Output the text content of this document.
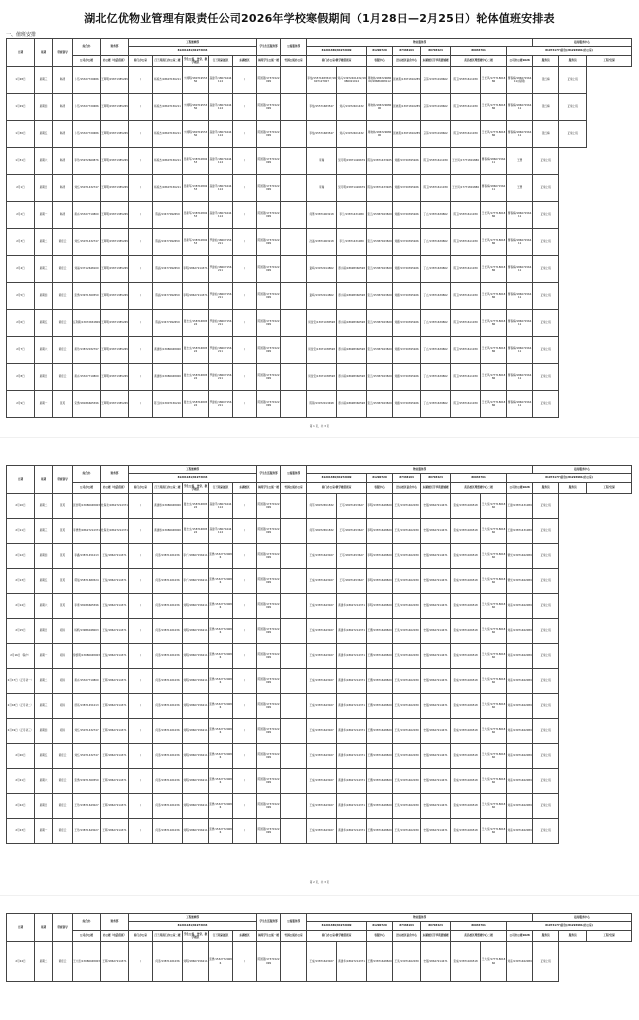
湖北亿优物业管理有限责任公司2026年学校寒假期间（1月28日—2月25日）轮体值班安排表
一、值班安排
日期	星期	带班领导	综合办	财务部	工程维修部					学生生活服务部	公寓服务部	物业服务部								接待服务中心		
					81291181/81973944							81291389/81972009		81290720	87348194	86703424	86034791		81974177(前台)/81293981(办公室)			
			公司办公楼	办公楼（电话值班）	桥门办公室	汀兰苑南门办公室二楼	学生公寓、食堂、教学楼区	汀兰苑家属区	东湖校区	枫苑学生公寓一楼	竹园公寓办公室	桥门办公室/教学楼值班室		客服中心	洪山校区宿舍中心	东湖校区芳华苑道辅楼	武昌校区理想楼中心二楼		公司办公楼1028	服务员	服务员	工程/安保
1月28日	星期三	韩清	卜珏/15327720686	王辉明/15871385265	/	杨栋杰/18607156211	卞湘明/18071955356	高建平/18071644114	/	陈国银/17371522099		李灿/15571683547/18607127007	刘兴/13972401432/18986021014	周晓林/18672968000/18686008112	张晓燕/13971810285	章萍/13971018602	陈卫/15871611039	王长风/17771801886	曹春梅/18607156411/(程明)	张红梅	正常上班	
1月29日	星期四	韩清	卜珏/15327720686	王辉明/15871385265	/	杨栋杰/18607156211	卞湘明/18071955356	高建平/18071644114	/	陈国银/17371522099		李灿/15571683547	刘兴/13972401432	周晓林/18672968000	张晓燕/13971810285	章萍/13971018602	陈卫/15871611039	王长风/17771801886	曹春梅/18607156411	张红梅	正常上班	
1月30日	星期五	韩清	卜珏/15327720686	王辉明/15871385265	/	杨栋杰/18607156211	卞湘明/18071955356	高建平/18071644114	/	陈国银/17371522099		李灿/15571683547	刘兴/13972401432	周晓林/18672968000	张晓燕/13971810285	章萍/13971018602	陈卫/15871611039	王长风/17771801886	曹春梅/18607156411	张红梅	正常上班	
1月31日	星期六	韩清	李玲/15972669876	王辉明/15871385265	/	杨栋杰/18607156211	吴新军/13871089253	高建平/18071644114	/	陈国银/17371522099		李瑞	吴月明/15871426679	陈泊/13871433925	刘媛/13720395926	陈卫/15871611039	王长风/17771801886	曹春梅/18607156411	王慧	正常上班		
2月1日	星期日	韩清	刘红/15071432747	王辉明/15871385265	/	杨栋杰/18607156211	吴新军/13871089253	高建平/18071644114	/	陈国银/17371522099		李瑞	吴月明/15871426679	陈泊/13871433925	刘媛/13720395926	陈卫/15871611039	王长风/17771801886	曹春梅/18607156411	王慧	正常上班		
2月2日	星期一	韩清	黄卉/15327719800	王辉明/15871385265	/	陈涵/13477092659	吴新军/13871089253	高建平/18071644114	/	陈国银/17371522099		何菁/13871063218	李兰/13871431089	张云/15387043829	刘媛/13720395926	丁立/13871639802	陈卫/15871611039	王长风/17771801886	曹春梅/18607156411	正常上班		
2月3日	星期二	黄佳云	刘红/15071432747	王辉明/15871385265	/	陈涵/13477092659	吴新军/13871089253	罗建松/18607156211	/	陈国银/17371522099		沈盖/13871063218	李兰/13871431089	张云/15387043829	刘媛/13720395926	丁立/13871639802	陈卫/15871611039	王长风/17771801886	曹春梅/18607156411	正常上班		
2月4日	星期三	黄佳云	刘丽/13712648100	王辉明/15871385265	/	陈涵/13477092659	李明/18627214371	罗建松/18607156211	/	陈国银/17371522099		童鸣/13972014802	谭小娟/18698360598	张云/15387043829	刘媛/13720395926	丁立/13871639802	陈卫/15871611039	王长风/17771801886	曹春梅/18607156411	正常上班		
2月5日	星期四	黄佳云	张勇/13971360550	王辉明/15871385265	/	陈涵/13477092659	李明/18627214371	罗建松/18607156211	/	陈国银/17371522099		童鸣/13972014802	谭小娟/18698360598	张云/15387043829	刘媛/13720395926	丁立/13871639802	陈卫/15871611039	王长风/17771801886	曹春梅/18607156411	正常上班		
2月6日	星期五	黄佳云	汪利鹃/13972654809	王辉明/15871385265	/	陈涵/13477092659	夏志文/15871680524	罗建松/18607156211	/	陈国银/17371522099		何金安/13971038598	谭小娟/18698360598	张云/15387043829	刘媛/13720395926	丁立/13871639802	陈卫/15871611039	王长风/17771801886	曹春梅/18607156411	正常上班		
2月7日	星期六	黄佳云	黄玲/13872032797	王辉明/15871385265	/	黄建球/13986048000	夏志文/15871680524	罗建松/18607156211	/	陈国银/17371522099		何金安/13971038598	谭小娟/18698360598	张云/15387043829	刘媛/13720395926	丁立/13871639802	陈卫/15871611039	王长风/17771801886	曹春梅/18607156411	正常上班		
2月8日	星期日	黄佳云	黄卉/15327719800	王辉明/15871385265	/	黄建球/13986048000	夏志文/15871680524	罗建松/18607156211	/	陈国银/17371522099		何金安/13971038598	谭小娟/18698360598	张云/15387043829	刘媛/13720395926	丁立/13871639802	陈卫/15871611039	王长风/17771801886	曹春梅/18607156411	正常上班		
2月9日	星期一	张英	宋勇/18186665596	王辉明/15871385265	/	陈玉林/13907156216	夏志文/15871680524	罗建松/18607156211	/	陈国银/17371522099		陈锦/13972013498	谭小娟/18698360598	张云/15387043829	刘媛/13720395926	丁立/13871639802	陈卫/15871611039	王长风/17771801886	曹春梅/18607156411	正常上班		
第 1 页，共 3 页
日期	星期	带班领导	综合办	财务部	工程维修部					学生生活服务部	公寓服务部	物业服务部								接待服务中心		
					81291181/81973944							81291389/81972009		81290720	87348194	86703424	86034791		81974177(前台)/81293981(办公室)			
			公司办公楼	办公楼（电话值班）	桥门办公室	汀兰苑南门办公室二楼	学生公寓、食堂、教学楼区	汀兰苑家属区	东湖校区	枫苑学生公寓一楼	竹园公寓办公室	桥门办公室/教学楼值班室		客服中心	洪山校区宿舍中心	东湖校区芳华苑道辅楼	武昌校区理想楼中心二楼		公司办公楼1028	服务员	服务员	工程/安保
2月10日	星期二	张英	张世明/13986048003	杜海龙/18627214371	/	黄建球/13986048000	夏志文/15871680524	高建平/18071644114	/	陈国银/17371522099		何芳/18972651832	王可/18971453627	李明/13871648829	王灵/13971462039	史强/18627214471	张成/13871026518	王大宽/17771801860	王建/13871431089	正常上班		
2月11日	星期三	张英	李勇勇/18627214371	杜海龙/18627214371	/	黄建球/13986048000	夏志文/15871680524	高建平/18071644114	/	陈国银/17371522099		何芳/18972651832	王可/18971453627	李明/13871648829	王灵/13971462039	史强/18627214471	张成/13871026518	王大宽/17771801860	王建/13871431089	正常上班		
2月12日	星期四	张英	李鑫/13871451013	王俊/18627214371	/	何涛/13871021036	李广/18607156211	张勇/15327720686	/	陈国银/17371522099		王成/13871643027	王可/18971453627	李明/13871648829	王灵/13971462039	史强/18627214471	张成/13871026518	王大宽/17771801860	曹光/13971462089	正常上班		
2月13日	星期五	张英	郭瑶/15871680524	王俊/18627214371	/	何涛/13871021036	李广/18607156211	张勇/15327720686	/	陈国银/17371522099		王成/13871643027	王可/18971453627	李明/13871648829	王灵/13971462039	史强/18627214471	张成/13871026518	王大宽/17771801860	曹光/13971462089	正常上班		
2月14日	星期六	张英	李青/18186665596	王俊/18627214371	/	何涛/13871021036	刘明/18607156211	张勇/15327720686	/	陈国银/17371522099		王成/13871643027	黄建华/18627214371	李明/13871648829	王灵/13971462039	史强/18627214471	张成/13871026518	王大宽/17771801860	刘彦/13971462089	正常上班		
2月15日	星期日	胡远	杨帆/13986048003	王俊/18627214371	/	何涛/13871021036	刘明/18607156211	张勇/15327720686	/	陈国银/17371522099		王成/13871643027	黄建华/18627214371	王珊/13871648829	王灵/13971462039	史强/18627214471	张成/13871026518	王大宽/17771801860	刘彦/13971462089	正常上班		
2月16日（除夕）	星期一	胡远	徐凯明/13986048003	王俊/18627214371	/	何涛/13871021036	刘明/18607156211	张勇/15327720686	/	陈国银/17371522099		王成/13871643027	黄建华/18627214371	王珊/13871648829	王灵/13971462039	史强/18627214471	张成/13871026518	王大宽/17771801860	刘彦/13971462089	正常上班		
2月17日（正月初一）	星期二	胡远	黄卉/15327719800	王辉/18627214371	/	何涛/13871021036	刘明/18607156211	张勇/15327720686	/	陈国银/17371522099		王成/13871643027	黄建华/18627214371	王珊/13871648829	王灵/13971462039	史强/18627214471	张成/13871026518	王大宽/17771801860	刘彦/13971462089	正常上班		
2月18日（正月初二）	星期三	胡远	谭亮/13871451013	王辉/18627214371	/	何涛/13871021036	刘明/18607156211	张勇/15327720686	/	陈国银/17371522099		王成/13871643027	黄建华/18627214371	王珊/13871648829	王灵/13971462039	史强/18627214471	张成/13871026518	王大宽/17771801860	刘彦/13971462089	正常上班		
2月19日（正月初三）	星期四	胡远	刘红/15071432747	王辉/18627214371	/	何涛/13871021036	刘明/18607156211	张勇/15327720686	/	陈国银/17371522099		王成/13871643027	黄建华/18627214371	王珊/13871648829	王灵/13971462039	史强/18627214471	张成/13871026518	王大宽/17771801860	刘彦/13971462089	正常上班		
2月20日	星期五	黄佳云	刘红/15071432747	王辉/18627214371	/	何涛/13871021036	刘明/18607156211	张勇/15327720686	/	陈国银/17371522099		王成/13871643027	黄建华/18627214371	王珊/13871648829	王灵/13971462039	史强/18627214471	张成/13871026518	王大宽/17771801860	刘彦/13971462089	正常上班		
2月21日	星期六	黄佳云	张勇/13971360550	王辉/18627214371	/	何涛/13871021036	刘明/18607156211	张勇/15327720686	/	陈国银/17371522099		王成/13871643027	黄建华/18627214371	王珊/13871648829	王灵/13971462039	史强/18627214471	张成/13871026518	王大宽/17771801860	刘彦/13971462089	正常上班		
2月22日	星期日	黄佳云	王玲/13871643027	王辉/18627214371	/	何涛/13871021036	刘明/18607156211	张勇/15327720686	/	陈国银/17371522099		王成/13871643027	黄建华/18627214371	王珊/13871648829	王灵/13971462039	史强/18627214471	张成/13871026518	王大宽/17771801860	刘彦/13971462089	正常上班		
2月23日	星期一	黄佳云	王玲/13871643027	王辉/18627214371	/	何涛/13871021036	刘明/18607156211	张勇/15327720686	/	陈国银/17371522099		王成/13871643027	黄建华/18627214371	王珊/13871648829	王灵/13971462039	史强/18627214471	张成/13871026518	王大宽/17771801860	刘彦/13971462089	正常上班		
第 2 页，共 3 页
日期	星期	带班领导	综合办	财务部	工程维修部					学生生活服务部	公寓服务部	物业服务部								接待服务中心		
					81291181/81973944							81291389/81972009		81290720	87348194	86703424	86034791		81974177(前台)/81293981(办公室)			
			公司办公楼	办公楼（电话值班）	桥门办公室	汀兰苑南门办公室二楼	学生公寓、食堂、教学楼区	汀兰苑家属区	东湖校区	枫苑学生公寓一楼	竹园公寓办公室	桥门办公室/教学楼值班室		客服中心	洪山校区宿舍中心	东湖校区芳华苑道辅楼	武昌校区理想楼中心二楼		公司办公楼1028	服务员	服务员	工程/安保
2月24日	星期二	黄佳云	王大宽/13986048003	王辉/18627214371	/	何涛/13871021036	刘明/18607156211	张勇/15327720686	/	陈国银/17371522099		王成/13871643027	黄建华/18627214371	王珊/13871648829	王灵/13971462039	史强/18627214471	张成/13871026518	王大宽/17771801860	刘彦/13971462089	正常上班		
